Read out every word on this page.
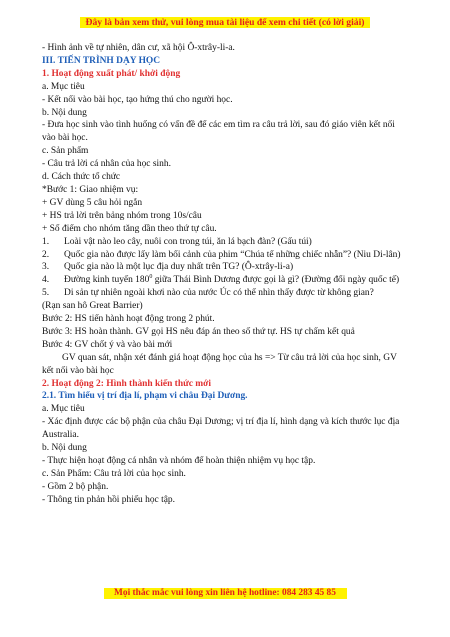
Đây là bản xem thử, vui lòng mua tài liệu để xem chi tiết (có lời giải)

- Hình ảnh về tự nhiên, dân cư, xã hội Ô-xtrây-li-a.

III. TIẾN TRÌNH DẠY HỌC

1. Hoạt động xuất phát/ khởi động

a. Mục tiêu

- Kết nối vào bài học, tạo hứng thú cho người học.

b. Nội dung

- Đưa học sinh vào tình huống có vấn đề để các em tìm ra câu trả lời, sau đó giáo viên kết nối vào bài học.

c. Sản phẩm

- Câu trả lời cá nhân của học sinh.

d. Cách thức tổ chức

*Bước 1: Giao nhiệm vụ:

+ GV dùng 5 câu hỏi ngắn

+ HS trả lời trên bảng nhóm trong 10s/câu

+ Số điểm cho nhóm tăng dần theo thứ tự câu.

1. Loài vật nào leo cây, nuôi con trong túi, ăn lá bạch đàn? (Gấu túi)

2. Quốc gia nào được lấy làm bối cảnh của phim “Chúa tể những chiếc nhẫn”? (Niu Di-lân)

3. Quốc gia nào là một lục địa duy nhất trên TG? (Ô-xtrây-li-a)

4. Đường kinh tuyến $180^0$ giữa Thái Bình Dương được gọi là gì? (Đường đổi ngày quốc tế)

5. Di sản tự nhiên ngoài khơi nào của nước Úc có thể nhìn thấy được từ không gian?

(Rạn san hô Great Barrier)

Bước 2: HS tiến hành hoạt động trong 2 phút.

Bước 3: HS hoàn thành. GV gọi HS nêu đáp án theo số thứ tự. HS tự chấm kết quả

Bước 4: GV chốt ý và vào bài mới

GV quan sát, nhận xét đánh giá hoạt động học của hs => Từ câu trả lời của học sinh, GV kết nối vào bài học

2. Hoạt động 2: Hình thành kiến thức mới

2.1. Tìm hiểu vị trí địa lí, phạm vi châu Đại Dương.

a. Mục tiêu

- Xác định được các bộ phận của châu Đại Dương; vị trí địa lí, hình dạng và kích thước lục địa Australia.

b. Nội dung

- Thực hiện hoạt động cá nhân và nhóm để hoàn thiện nhiệm vụ học tập.

c. Sản Phẩm: Câu trả lời của học sinh.

- Gồm 2 bộ phận.

- Thông tin phản hồi phiếu học tập.

Mọi thắc mắc vui lòng xin liên hệ hotline: 084 283 45 85
